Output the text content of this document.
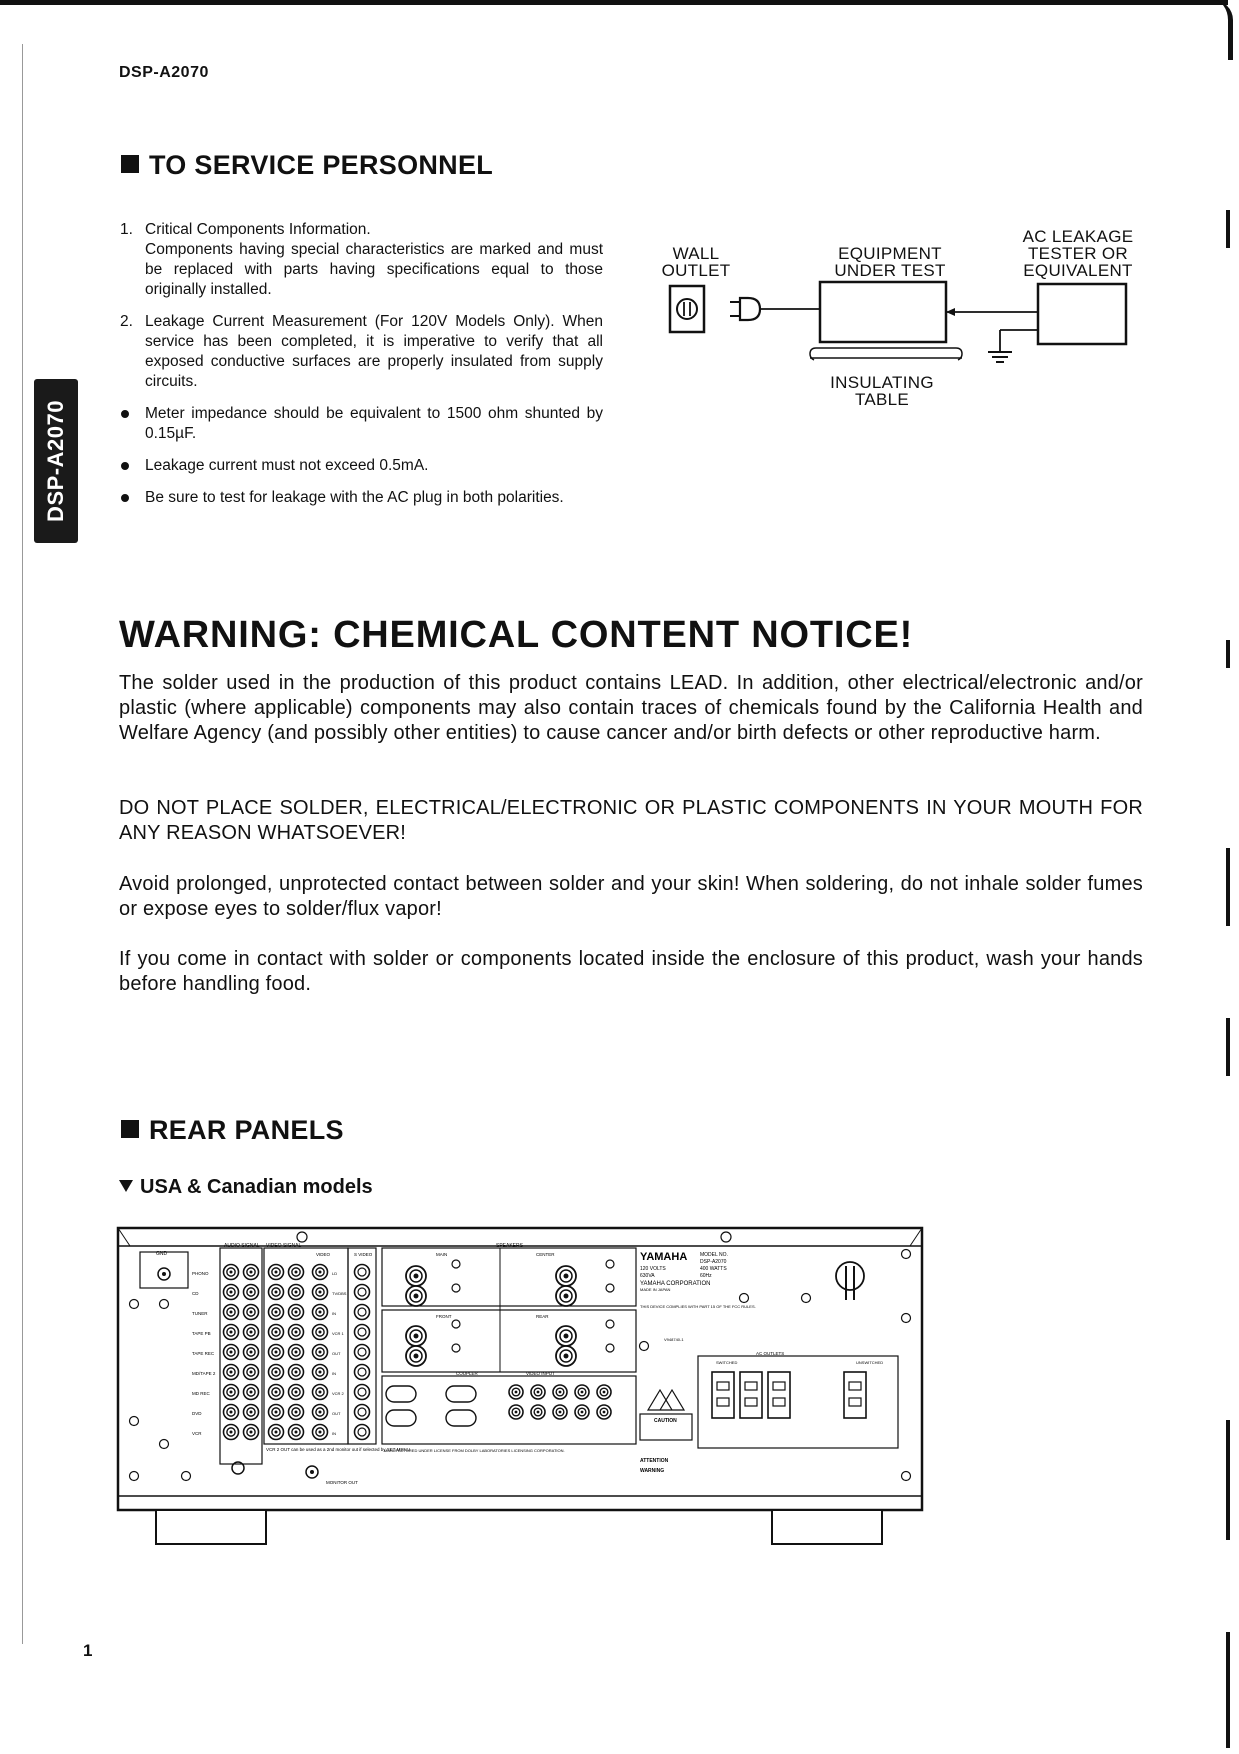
DSP-A2070
DSP-A2070
TO SERVICE PERSONNEL
1. Critical Components Information.
Components having special characteristics are marked and must be replaced with parts having specifications equal to those originally installed.
2. Leakage Current Measurement (For 120V Models Only). When service has been completed, it is imperative to verify that all exposed conductive surfaces are properly insulated from supply circuits.
Meter impedance should be equivalent to 1500 ohm shunted by 0.15µF.
Leakage current must not exceed 0.5mA.
Be sure to test for leakage with the AC plug in both polarities.
WALL
OUTLET
EQUIPMENT
UNDER TEST
AC LEAKAGE
TESTER OR
EQUIVALENT
INSULATING
TABLE
WARNING: CHEMICAL CONTENT NOTICE!
The solder used in the production of this product contains LEAD. In addition, other electrical/electronic and/or plastic (where applicable) components may also contain traces of chemicals found by the California Health and Welfare Agency (and possibly other entities) to cause cancer and/or birth defects or other reproductive harm.
DO NOT PLACE SOLDER, ELECTRICAL/ELECTRONIC OR PLASTIC COMPONENTS IN YOUR MOUTH FOR ANY REASON WHATSOEVER!
Avoid prolonged, unprotected contact between solder and your skin! When soldering, do not inhale solder fumes or expose eyes to solder/flux vapor!
If you come in contact with solder or components located inside the enclosure of this product, wash your hands before handling food.
REAR PANELS
USA & Canadian models
GND
AUDIO SIGNAL VIDEO SIGNAL
PHONO
CD
TUNER
TAPE PB
TAPE REC
MD/TAPE 2
MD REC
DVD
VCR
LD
TV/DBS
IN
VCR 1
OUT
IN
VCR 2
OUT
IN
VIDEO	S VIDEO
VCR 2 OUT can be used as a 2nd monitor out if selected by SET MENU.
MONITOR OUT
SPEAKERS
MAIN	CENTER
FRONT	REAR
COUPLER	VIDEO INPUT
MANUFACTURED UNDER LICENSE FROM DOLBY LABORATORIES LICENSING CORPORATION.
YAMAHA	MODEL NO.
DSP-A2070
120 VOLTS	400 WATTS
630VA	60Hz
YAMAHA CORPORATION
MADE IN JAPAN
THIS DEVICE COMPLIES WITH PART 15 OF THE FCC RULES.
V948740-1
AC OUTLETS
SWITCHED	UNSWITCHED
CAUTION
ATTENTION
WARNING
1
